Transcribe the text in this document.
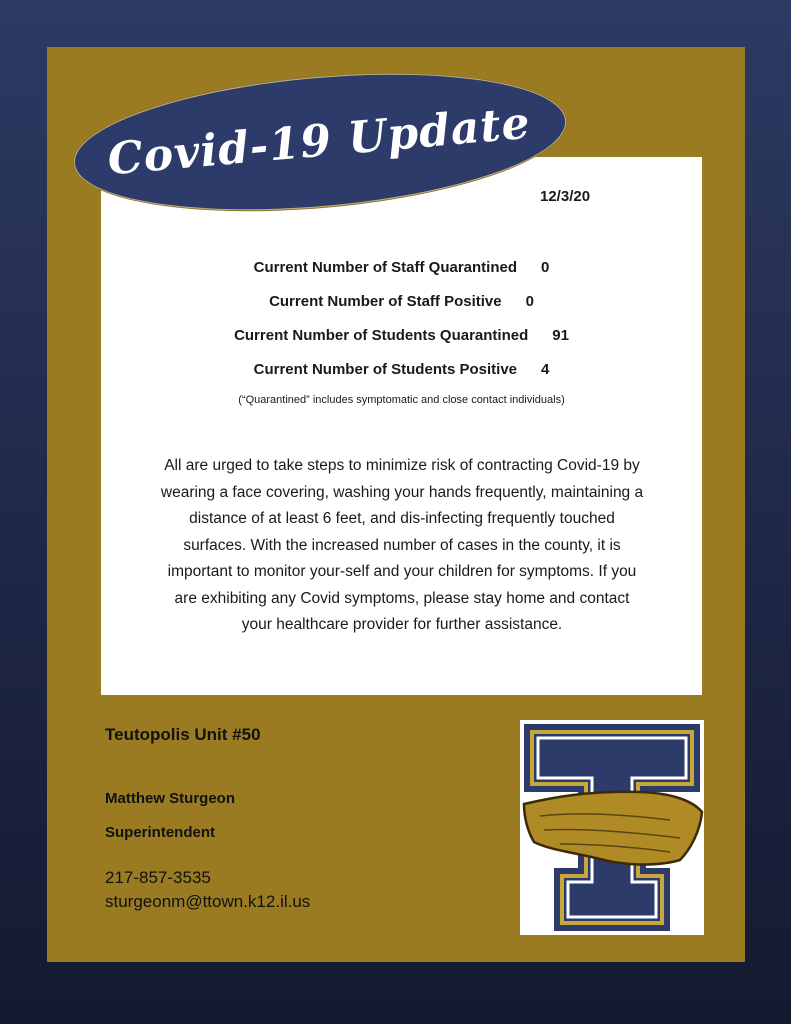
Covid-19 Update

12/3/20

Current Number of Staff Quarantined 0

Current Number of Staff Positive 0

Current Number of Students Quarantined 91

Current Number of Students Positive 4

(“Quarantined” includes symptomatic and close contact individuals)

All are urged to take steps to minimize risk of contracting Covid-19 by wearing a face covering, washing your hands frequently, maintaining a distance of at least 6 feet, and dis-infecting frequently touched surfaces. With the increased number of cases in the county, it is important to monitor your-self and your children for symptoms. If you are exhibiting any Covid symptoms, please stay home and contact your healthcare provider for further assistance.

Teutopolis Unit #50

Matthew Sturgeon

Superintendent

217-857-3535

sturgeonm@ttown.k12.il.us
